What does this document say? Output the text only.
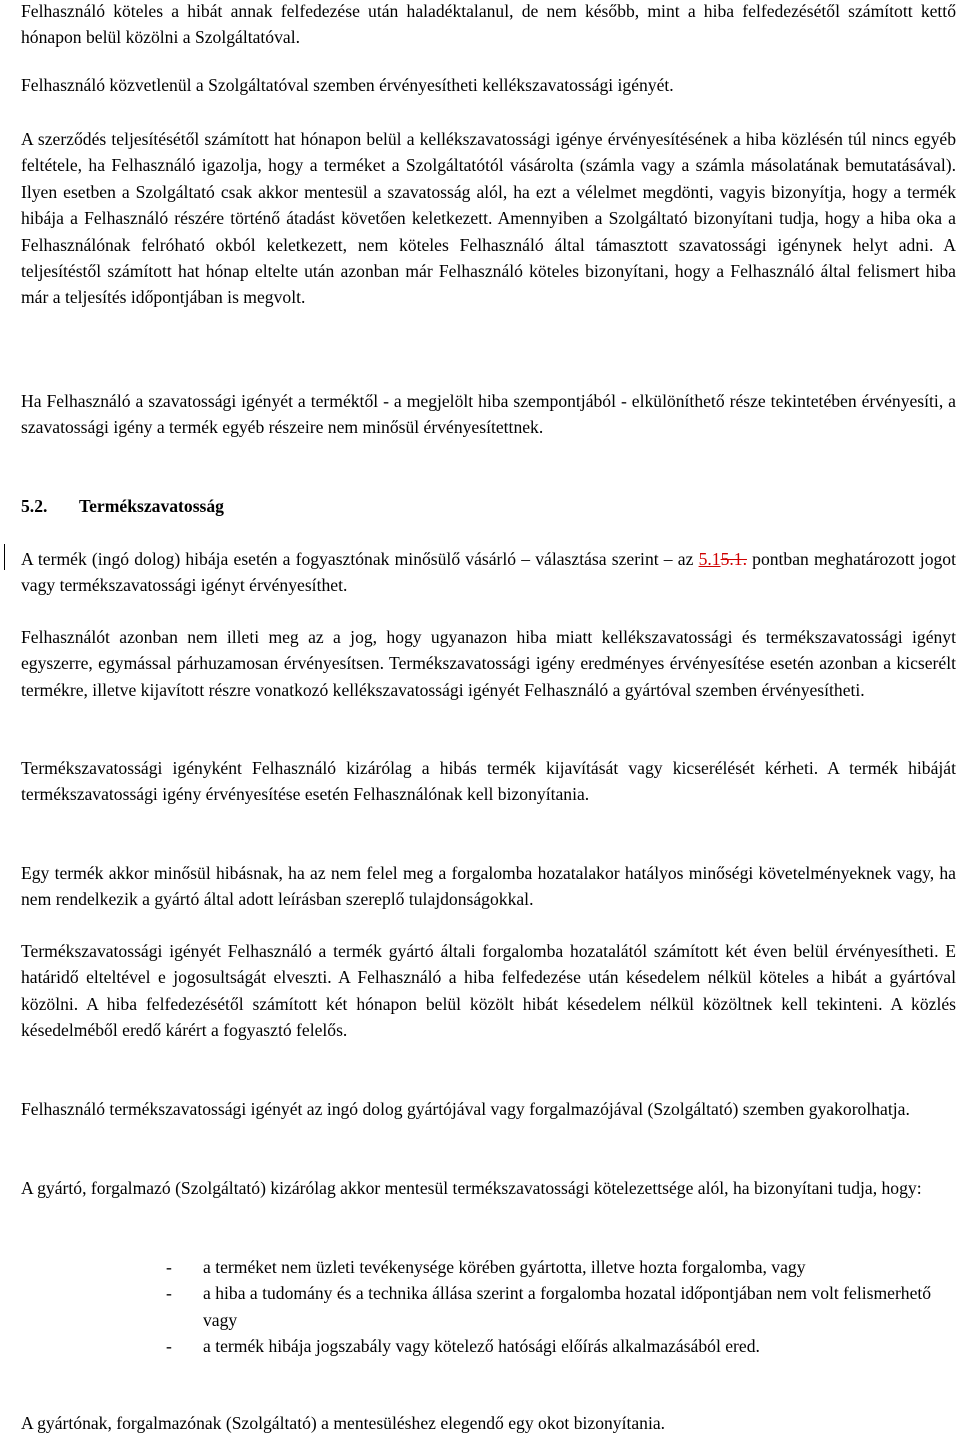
Felhasználó köteles a hibát annak felfedezése után haladéktalanul, de nem később, mint a hiba felfedezésétől számított kettő hónapon belül közölni a Szolgáltatóval.

Felhasználó közvetlenül a Szolgáltatóval szemben érvényesítheti kellékszavatossági igényét.

A szerződés teljesítésétől számított hat hónapon belül a kellékszavatossági igénye érvényesítésének a hiba közlésén túl nincs egyéb feltétele, ha Felhasználó igazolja, hogy a terméket a Szolgáltatótól vásárolta (számla vagy a számla másolatának bemutatásával). Ilyen esetben a Szolgáltató csak akkor mentesül a szavatosság alól, ha ezt a vélelmet megdönti, vagyis bizonyítja, hogy a termék hibája a Felhasználó részére történő átadást követően keletkezett. Amennyiben a Szolgáltató bizonyítani tudja, hogy a hiba oka a Felhasználónak felróható okból keletkezett, nem köteles Felhasználó által támasztott szavatossági igénynek helyt adni. A teljesítéstől számított hat hónap eltelte után azonban már Felhasználó köteles bizonyítani, hogy a Felhasználó által felismert hiba már a teljesítés időpontjában is megvolt.

Ha Felhasználó a szavatossági igényét a terméktől - a megjelölt hiba szempontjából - elkülöníthető része tekintetében érvényesíti, a szavatossági igény a termék egyéb részeire nem minősül érvényesítettnek.

5.2. Termékszavatosság

A termék (ingó dolog) hibája esetén a fogyasztónak minősülő vásárló – választása szerint – az 5.15.1. pontban meghatározott jogot vagy termékszavatossági igényt érvényesíthet.

Felhasználót azonban nem illeti meg az a jog, hogy ugyanazon hiba miatt kellékszavatossági és termékszavatossági igényt egyszerre, egymással párhuzamosan érvényesítsen. Termékszavatossági igény eredményes érvényesítése esetén azonban a kicserélt termékre, illetve kijavított részre vonatkozó kellékszavatossági igényét Felhasználó a gyártóval szemben érvényesítheti.

Termékszavatossági igényként Felhasználó kizárólag a hibás termék kijavítását vagy kicserélését kérheti. A termék hibáját termékszavatossági igény érvényesítése esetén Felhasználónak kell bizonyítania.

Egy termék akkor minősül hibásnak, ha az nem felel meg a forgalomba hozatalakor hatályos minőségi követelményeknek vagy, ha nem rendelkezik a gyártó által adott leírásban szereplő tulajdonságokkal.

Termékszavatossági igényét Felhasználó a termék gyártó általi forgalomba hozatalától számított két éven belül érvényesítheti. E határidő elteltével e jogosultságát elveszti. A Felhasználó a hiba felfedezése után késedelem nélkül köteles a hibát a gyártóval közölni. A hiba felfedezésétől számított két hónapon belül közölt hibát késedelem nélkül közöltnek kell tekinteni. A közlés késedelméből eredő kárért a fogyasztó felelős.

Felhasználó termékszavatossági igényét az ingó dolog gyártójával vagy forgalmazójával (Szolgáltató) szemben gyakorolhatja.

A gyártó, forgalmazó (Szolgáltató) kizárólag akkor mentesül termékszavatossági kötelezettsége alól, ha bizonyítani tudja, hogy:

- a terméket nem üzleti tevékenysége körében gyártotta, illetve hozta forgalomba, vagy
- a hiba a tudomány és a technika állása szerint a forgalomba hozatal időpontjában nem volt felismerhető vagy
- a termék hibája jogszabály vagy kötelező hatósági előírás alkalmazásából ered.

A gyártónak, forgalmazónak (Szolgáltató) a mentesüléshez elegendő egy okot bizonyítania.
